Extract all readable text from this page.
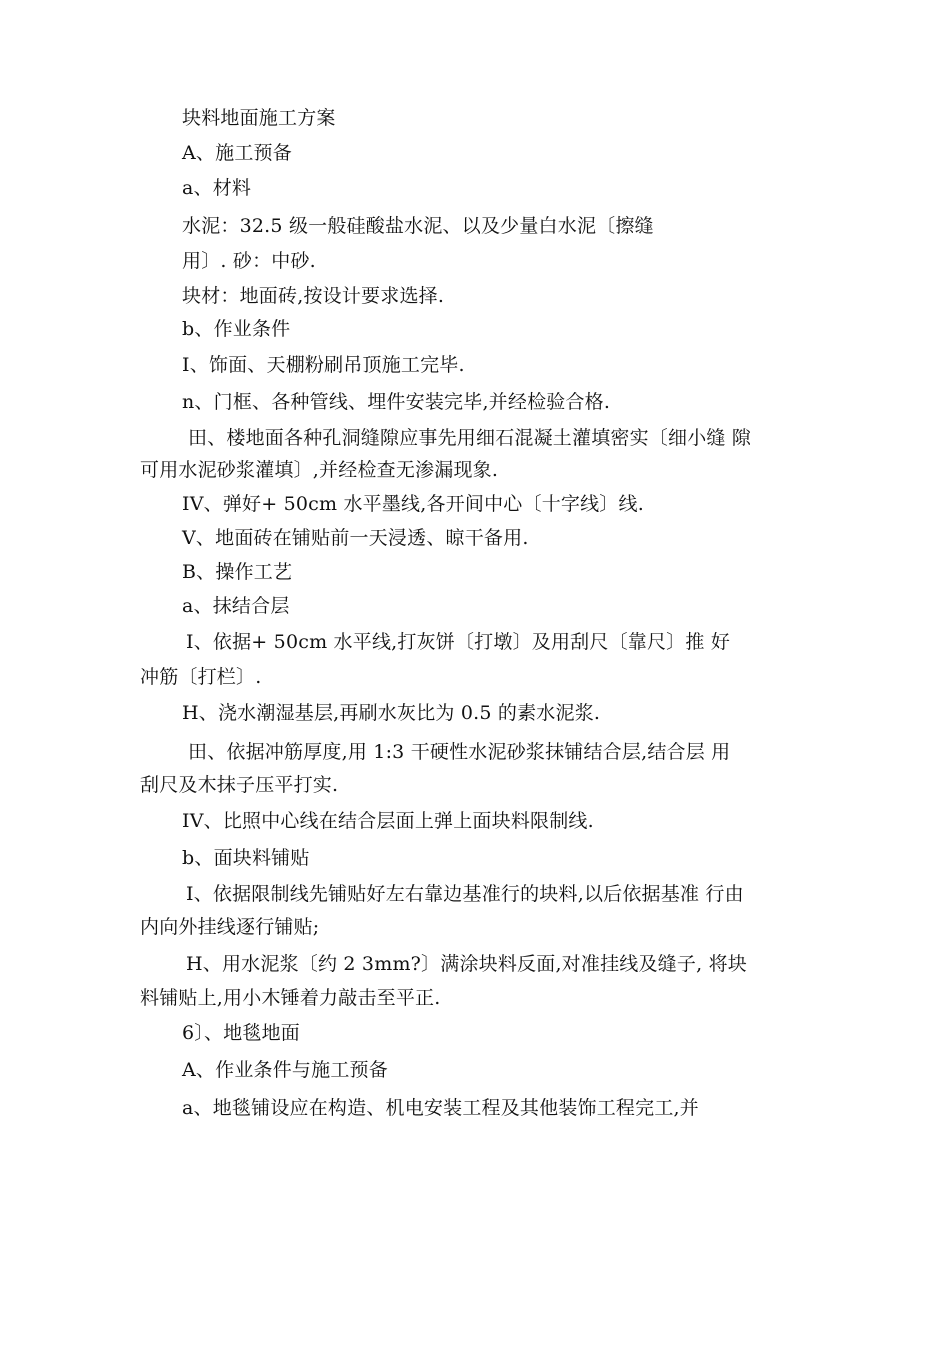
块料地面施工方案
A、施工预备
a、材料
水泥：32.5 级一般硅酸盐水泥、以及少量白水泥〔擦缝
用〕. 砂：中砂.
块材：地面砖,按设计要求选择.
b、作业条件
I、饰面、天棚粉刷吊顶施工完毕.
n、门框、各种管线、埋件安装完毕,并经检验合格.
田、楼地面各种孔洞缝隙应事先用细石混凝土灌填密实〔细小缝 隙
可用水泥砂浆灌填〕,并经检查无渗漏现象.
IV、弹好+ 50cm 水平墨线,各开间中心〔十字线〕线.
V、地面砖在铺贴前一天浸透、晾干备用.
B、操作工艺
a、抹结合层
I、依据+ 50cm 水平线,打灰饼〔打墩〕及用刮尺〔靠尺〕推 好
冲筋〔打栏〕.
H、浇水潮湿基层,再刷水灰比为 0.5 的素水泥浆.
田、依据冲筋厚度,用 1:3 干硬性水泥砂浆抹铺结合层,结合层 用
刮尺及木抹子压平打实.
IV、比照中心线在结合层面上弹上面块料限制线.
b、面块料铺贴
I、依据限制线先铺贴好左右靠边基准行的块料,以后依据基准 行由
内向外挂线逐行铺贴;
H、用水泥浆〔约 2 3mm?〕满涂块料反面,对准挂线及缝子, 将块
料铺贴上,用小木锤着力敲击至平正.
6〕、地毯地面
A、作业条件与施工预备
a、地毯铺设应在构造、机电安装工程及其他装饰工程完工,并
